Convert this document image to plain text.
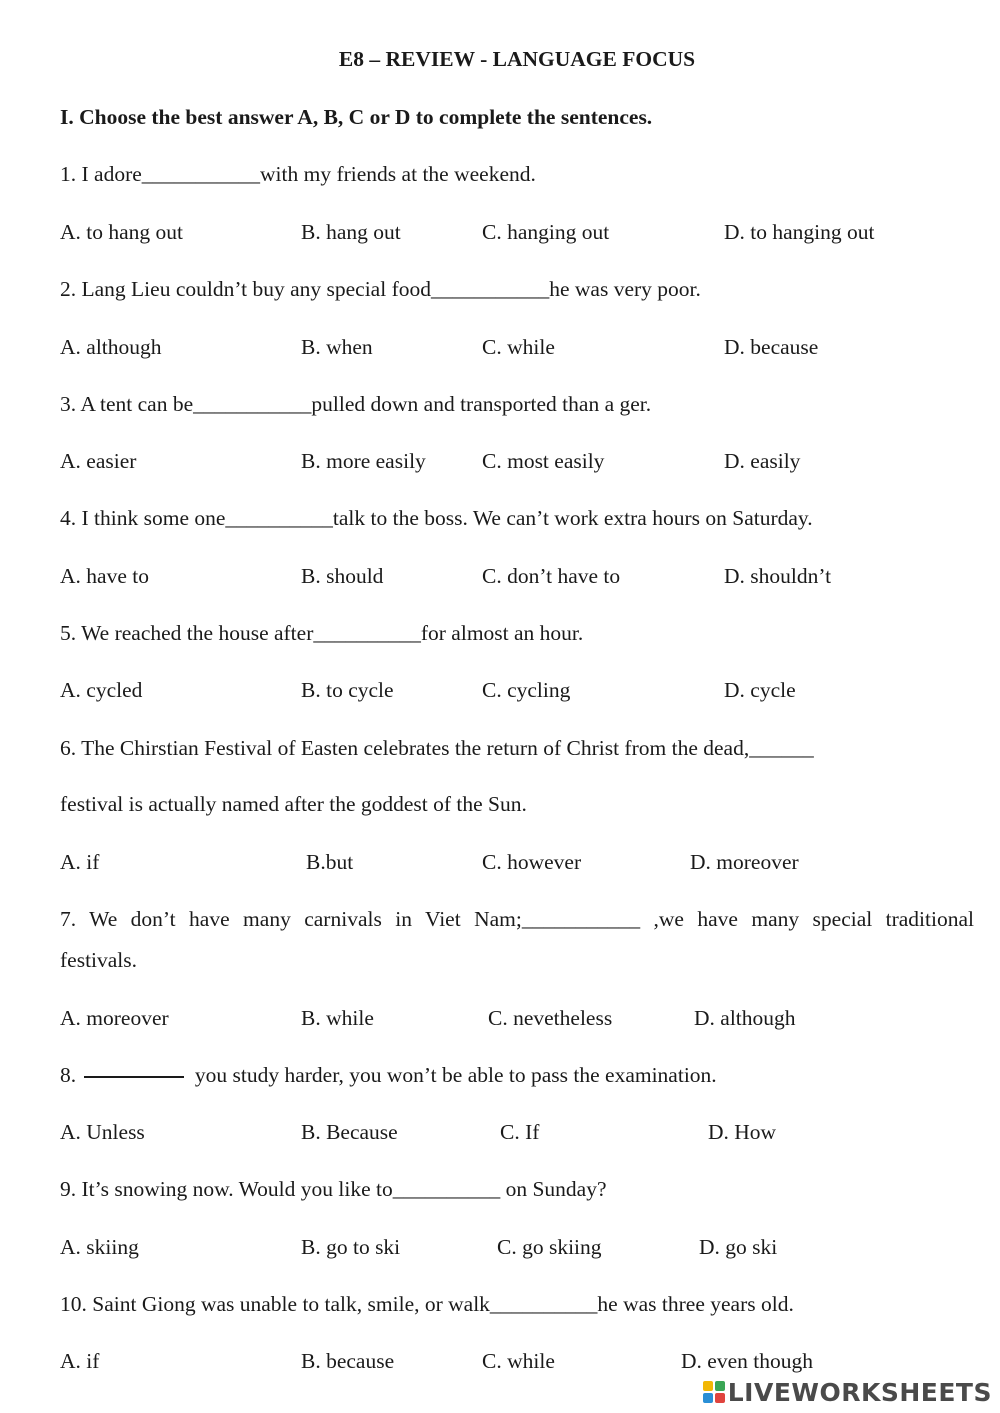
E8 – REVIEW - LANGUAGE FOCUS

I. Choose the best answer A, B, C or D to complete the sentences.

1. I adore___________with my friends at the weekend.

A. to hang out	B. hang out	C. hanging out	D. to hanging out

2. Lang Lieu couldn’t buy any special food___________he was very poor.

A. although	B. when	C. while	D. because

3. A tent can be___________pulled down and transported than a ger.

A. easier	B. more easily	C. most easily	D. easily

4. I think some one__________talk to the boss. We can’t work extra hours on Saturday.

A. have to	B. should	C. don’t have to	D. shouldn’t

5. We reached the house after__________for almost an hour.

A. cycled	B. to cycle	C. cycling	D. cycle

6. The Chirstian Festival of Easten celebrates the return of Christ from the dead,______

festival is actually named after the goddest of the Sun.

A. if	B.but	C. however	D. moreover

7. We don’t have many carnivals in Viet Nam;___________ ,we have many special traditional

festivals.

A. moreover	B. while	C. nevetheless	D. although

8.	you study harder, you won’t be able to pass the examination.

A. Unless	B. Because	C. If	D. How

9. It’s snowing now. Would you like to__________ on Sunday?

A. skiing	B. go to ski	C. go skiing	D. go ski

10. Saint Giong was unable to talk, smile, or walk__________he was three years old.

A. if	B. because	C. while	D. even though
LIVEWORKSHEETS
